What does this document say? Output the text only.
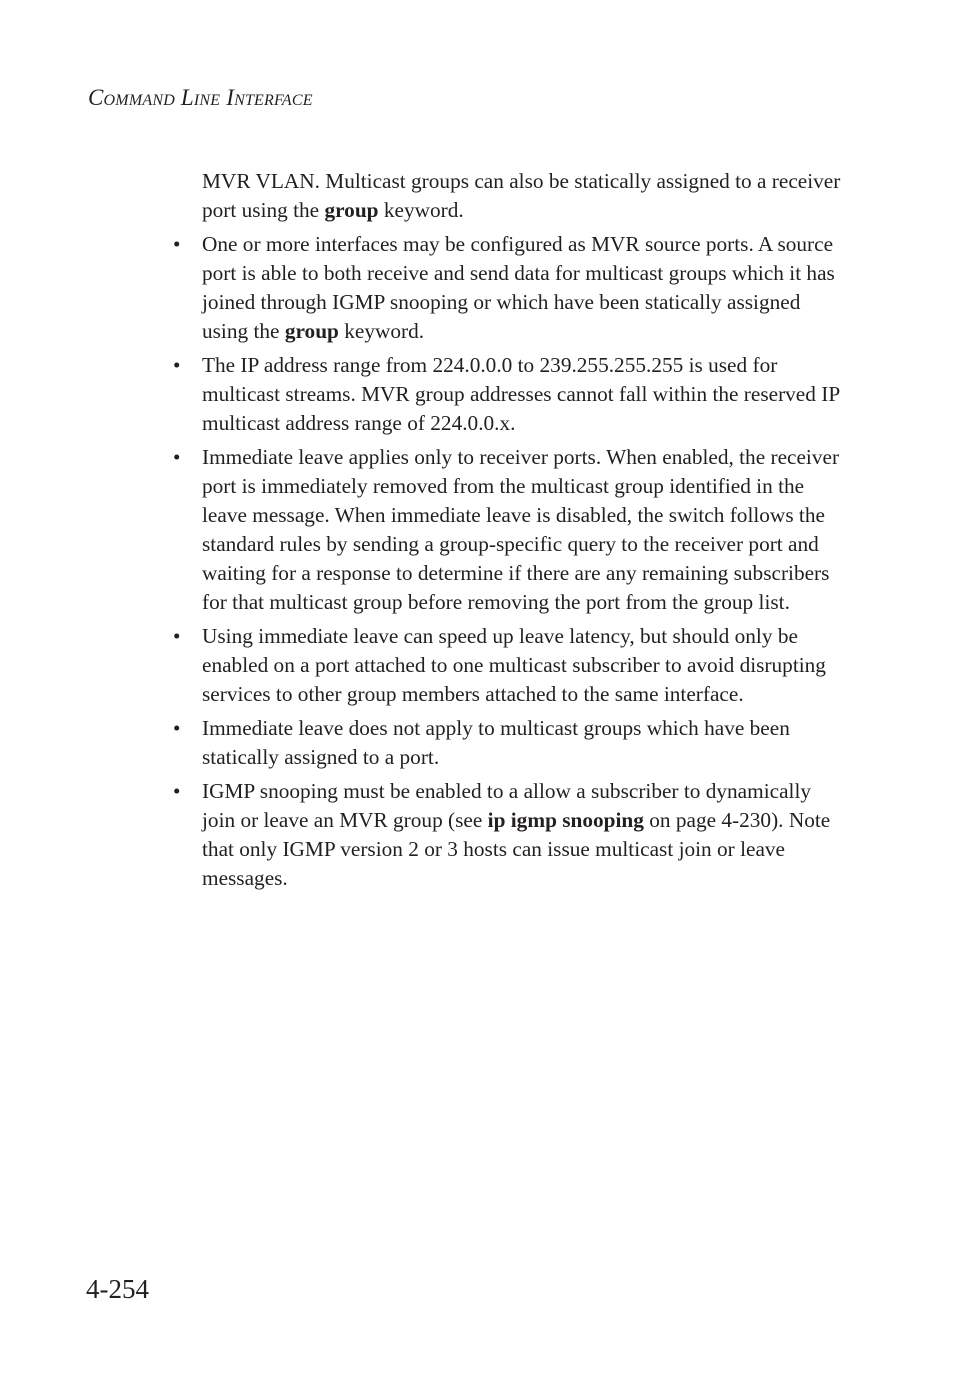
Command Line Interface

MVR VLAN. Multicast groups can also be statically assigned to a receiver port using the group keyword.

• One or more interfaces may be configured as MVR source ports. A source port is able to both receive and send data for multicast groups which it has joined through IGMP snooping or which have been statically assigned using the group keyword.
• The IP address range from 224.0.0.0 to 239.255.255.255 is used for multicast streams. MVR group addresses cannot fall within the reserved IP multicast address range of 224.0.0.x.
• Immediate leave applies only to receiver ports. When enabled, the receiver port is immediately removed from the multicast group identified in the leave message. When immediate leave is disabled, the switch follows the standard rules by sending a group-specific query to the receiver port and waiting for a response to determine if there are any remaining subscribers for that multicast group before removing the port from the group list.
• Using immediate leave can speed up leave latency, but should only be enabled on a port attached to one multicast subscriber to avoid disrupting services to other group members attached to the same interface.
• Immediate leave does not apply to multicast groups which have been statically assigned to a port.
• IGMP snooping must be enabled to a allow a subscriber to dynamically join or leave an MVR group (see ip igmp snooping on page 4-230). Note that only IGMP version 2 or 3 hosts can issue multicast join or leave messages.
4-254
